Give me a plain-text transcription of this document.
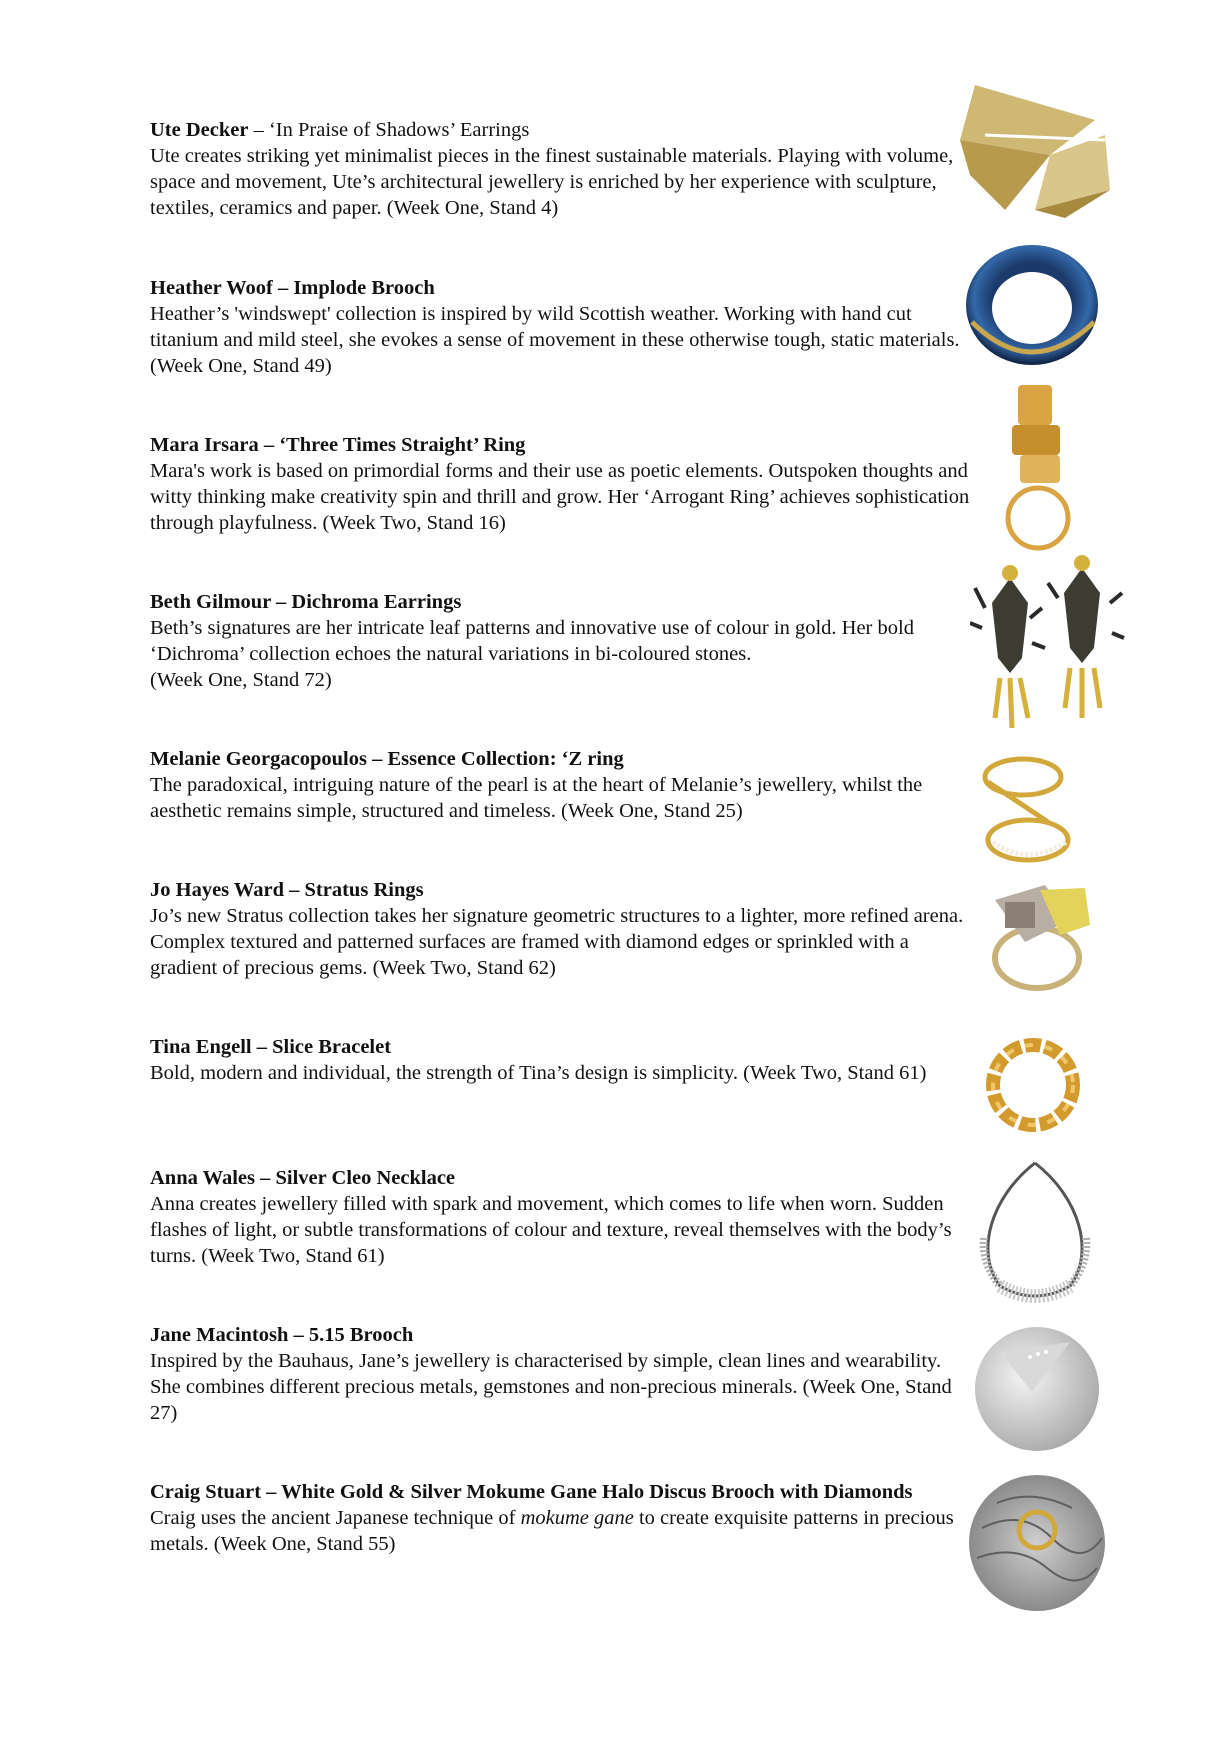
Ute Decker – ‘In Praise of Shadows’ Earrings
Ute creates striking yet minimalist pieces in the finest sustainable materials. Playing with volume, space and movement, Ute’s architectural jewellery is enriched by her experience with sculpture, textiles, ceramics and paper. (Week One, Stand 4)
Heather Woof – Implode Brooch
Heather’s 'windswept' collection is inspired by wild Scottish weather. Working with hand cut titanium and mild steel, she evokes a sense of movement in these otherwise tough, static materials. (Week One, Stand 49)
Mara Irsara – ‘Three Times Straight’ Ring
Mara's work is based on primordial forms and their use as poetic elements. Outspoken thoughts and witty thinking make creativity spin and thrill and grow. Her ‘Arrogant Ring’ achieves sophistication through playfulness. (Week Two, Stand 16)
Beth Gilmour – Dichroma Earrings
Beth’s signatures are her intricate leaf patterns and innovative use of colour in gold. Her bold ‘Dichroma’ collection echoes the natural variations in bi-coloured stones.
(Week One, Stand 72)
Melanie Georgacopoulos – Essence Collection: ‘Z ring
The paradoxical, intriguing nature of the pearl is at the heart of Melanie’s jewellery, whilst the aesthetic remains simple, structured and timeless. (Week One, Stand 25)
Jo Hayes Ward – Stratus Rings
Jo’s new Stratus collection takes her signature geometric structures to a lighter, more refined arena. Complex textured and patterned surfaces are framed with diamond edges or sprinkled with a gradient of precious gems. (Week Two, Stand 62)
Tina Engell – Slice Bracelet
Bold, modern and individual, the strength of Tina’s design is simplicity. (Week Two, Stand 61)
Anna Wales – Silver Cleo Necklace
Anna creates jewellery filled with spark and movement, which comes to life when worn. Sudden flashes of light, or subtle transformations of colour and texture, reveal themselves with the body’s turns. (Week Two, Stand 61)
Jane Macintosh – 5.15 Brooch
Inspired by the Bauhaus, Jane’s jewellery is characterised by simple, clean lines and wearability. She combines different precious metals, gemstones and non-precious minerals. (Week One, Stand 27)
Craig Stuart – White Gold & Silver Mokume Gane Halo Discus Brooch with Diamonds
Craig uses the ancient Japanese technique of mokume gane to create exquisite patterns in precious metals. (Week One, Stand 55)
